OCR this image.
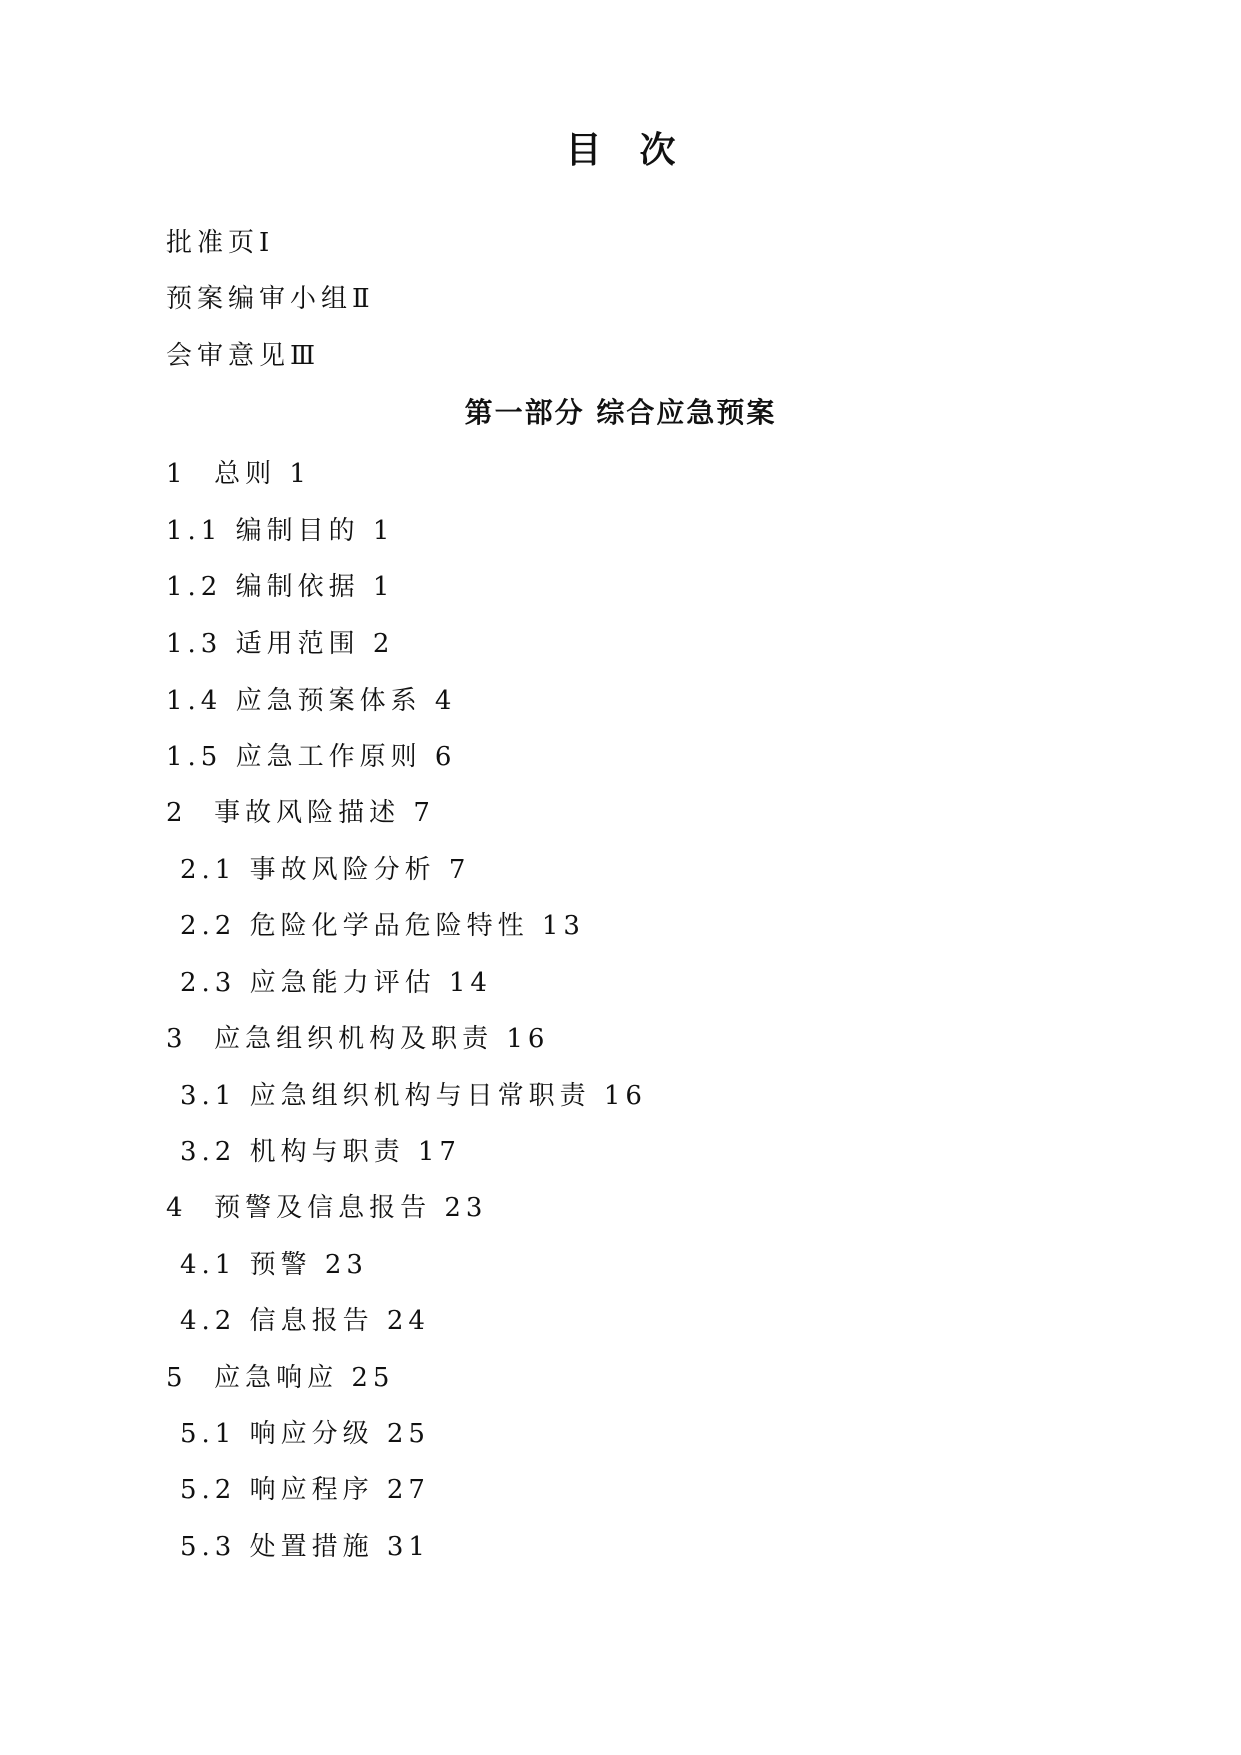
目次
批准页Ⅰ
预案编审小组Ⅱ
会审意见Ⅲ
第一部分 综合应急预案
1  总则 1
1.1 编制目的 1
1.2 编制依据 1
1.3 适用范围 2
1.4 应急预案体系 4
1.5 应急工作原则 6
2  事故风险描述 7
2.1 事故风险分析 7
2.2 危险化学品危险特性 13
2.3 应急能力评估 14
3  应急组织机构及职责 16
3.1 应急组织机构与日常职责 16
3.2 机构与职责 17
4  预警及信息报告 23
4.1 预警 23
4.2 信息报告 24
5  应急响应 25
5.1 响应分级 25
5.2 响应程序 27
5.3 处置措施 31
